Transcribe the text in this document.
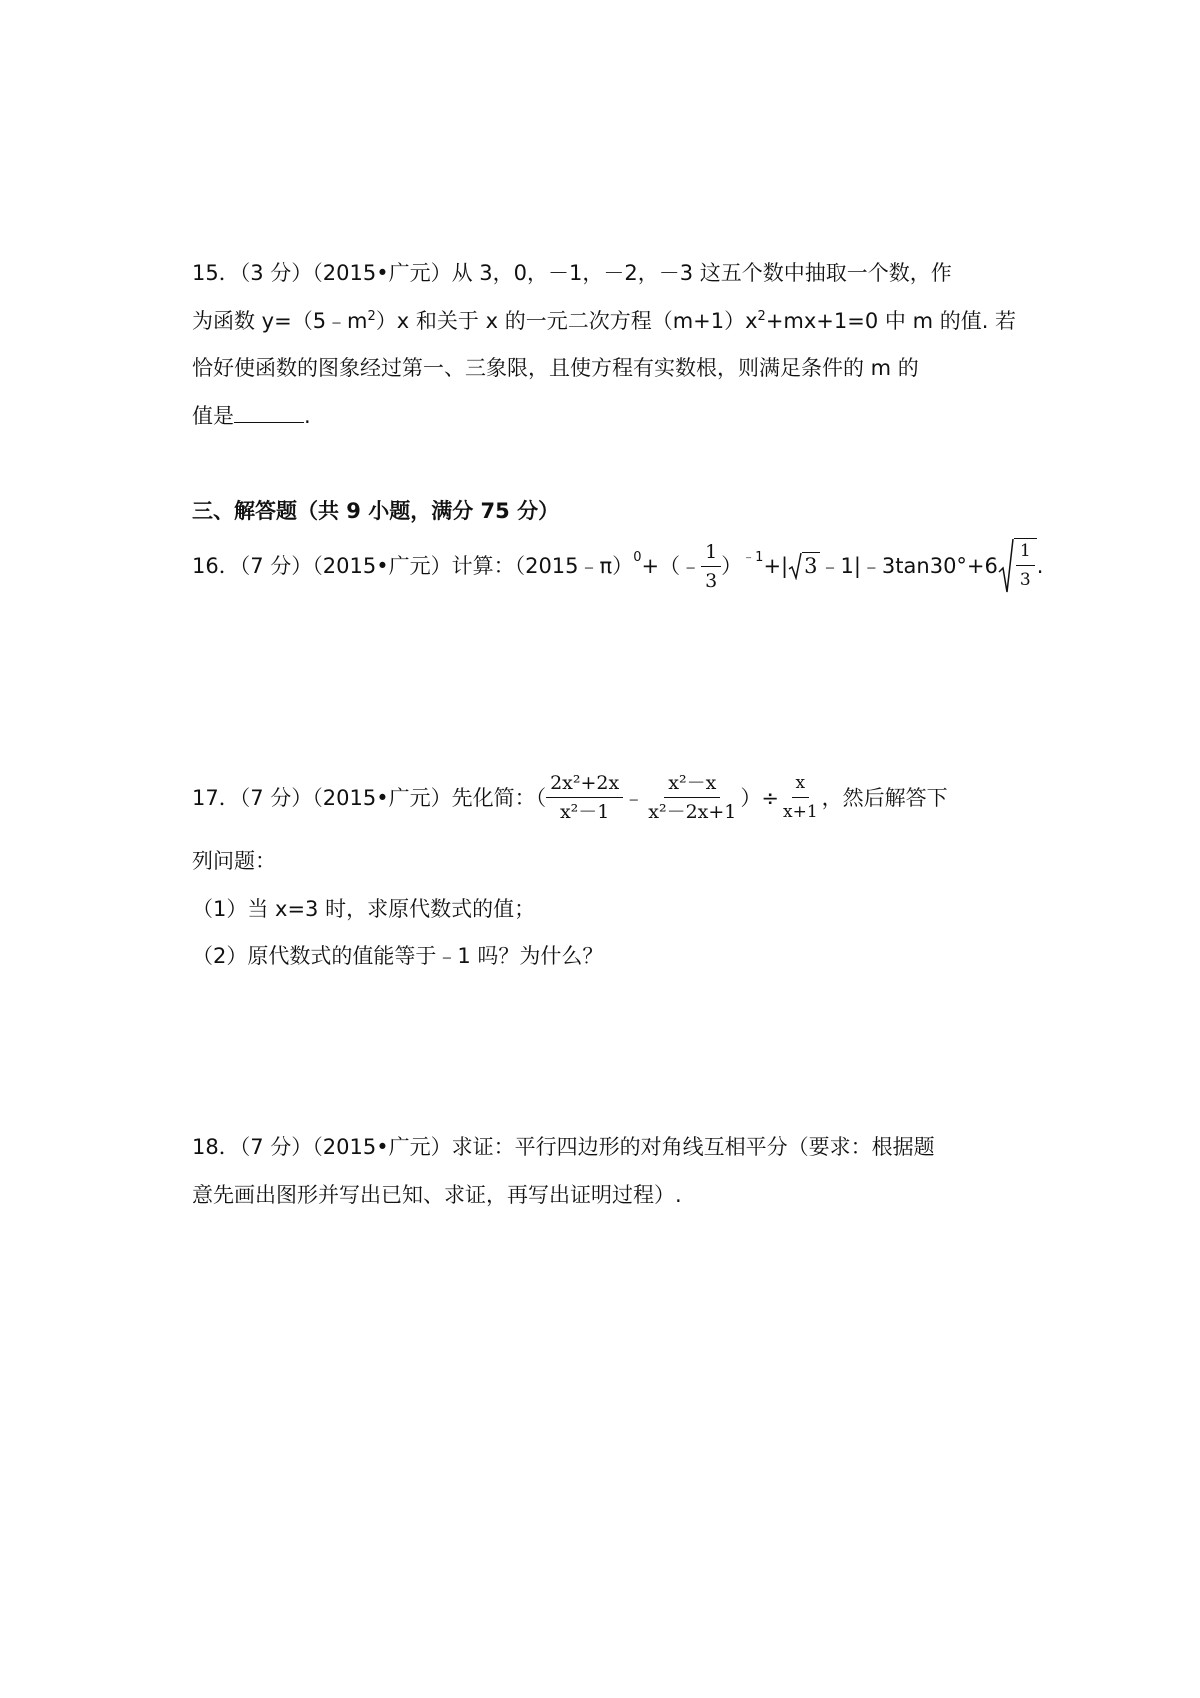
15．（3 分）（2015•广元）从 3，0，－1，－2，－3 这五个数中抽取一个数，作
为函数 $y=(5﹣m^2)x$ 和关于 x 的一元二次方程$(m+1)x^2+mx+1=0$ 中 m 的值. 若
恰好使函数的图象经过第一、三象限，且使方程有实数根，则满足条件的 m 的
值是	.
三、解答题（共 9 小题，满分 75 分）
16．（7 分）（2015•广元）计算：（2015﹣π）$^0$ +（﹣ $\frac{1}{3} )^{﹣1}$ +| 3 ﹣1|﹣3tan30°+6 $\frac{1}{3}$ .
17．（7 分）（2015•广元）先化简：（ $\frac{\text{2x²+2x}}{\text{x²－1}}$ ﹣ $\frac{\text{x²－x}}{\text{x²－2x+1}}$ ）÷ $\frac{x}{x+1}$ ，然后解答下
列问题：
（1）当 x=3 时，求原代数式的值；
（2）原代数式的值能等于﹣1 吗？为什么？
18．（7 分）（2015•广元）求证：平行四边形的对角线互相平分（要求：根据题
意先画出图形并写出已知、求证，再写出证明过程）.
